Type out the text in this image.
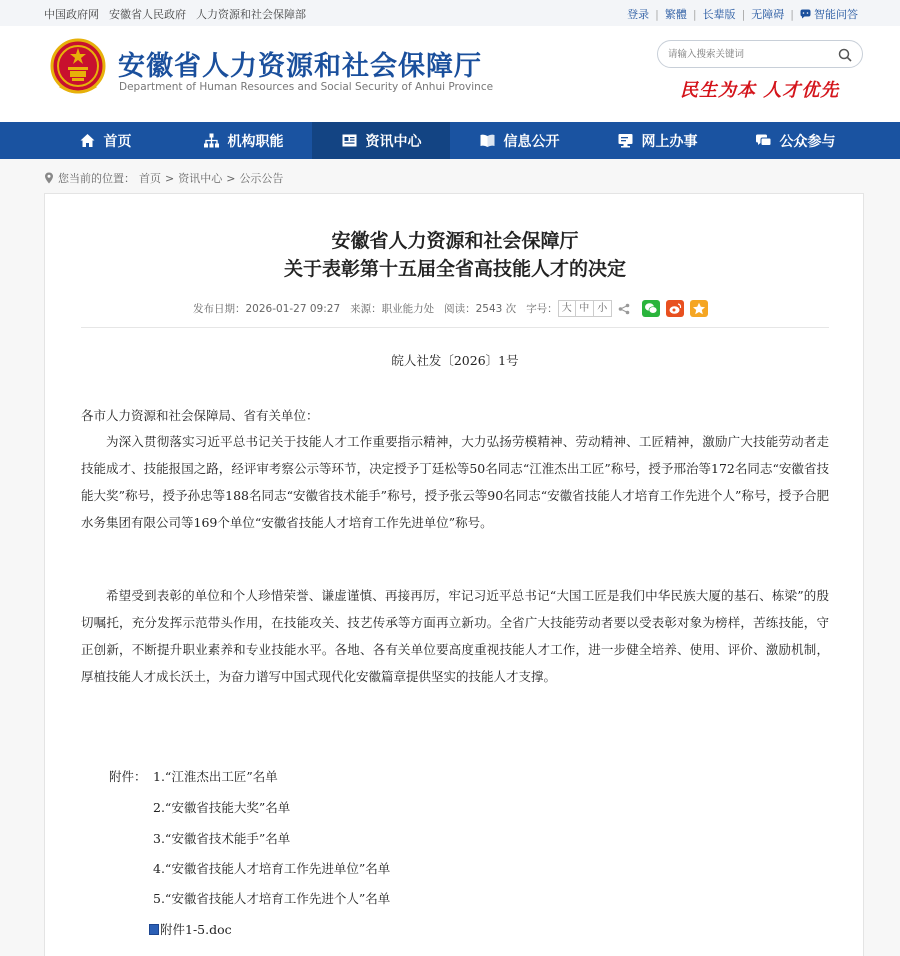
中国政府网 安徽省人民政府 人力资源和社会保障部	登录 | 繁體 | 长辈版 | 无障碍 | 智能问答
安徽省人力资源和社会保障厅
Department of Human Resources and Social Security of Anhui Province
请输入搜索关键词	民生为本 人才优先
首页	机构职能	资讯中心	信息公开	网上办事	公众参与
您当前的位置： 首页 > 资讯中心 > 公示公告
安徽省人力资源和社会保障厅
关于表彰第十五届全省高技能人才的决定
发布日期： 2026-01-27 09:27 来源： 职业能力处 阅读： 2543 次 字号： 大 中 小
皖人社发〔2026〕1号
各市人力资源和社会保障局、省有关单位：
为深入贯彻落实习近平总书记关于技能人才工作重要指示精神，大力弘扬劳模精神、劳动精神、工匠精神，激励广大技能劳动者走技能成才、技能报国之路，经评审考察公示等环节，决定授予丁廷松等50名同志“江淮杰出工匠”称号，授予邢治等172名同志“安徽省技能大奖”称号，授予孙忠等188名同志“安徽省技术能手”称号，授予张云等90名同志“安徽省技能人才培育工作先进个人”称号，授予合肥水务集团有限公司等169个单位“安徽省技能人才培育工作先进单位”称号。
希望受到表彰的单位和个人珍惜荣誉、谦虚谨慎、再接再厉，牢记习近平总书记“大国工匠是我们中华民族大厦的基石、栋梁”的殷切嘱托，充分发挥示范带头作用，在技能攻关、技艺传承等方面再立新功。全省广大技能劳动者要以受表彰对象为榜样，苦练技能，守正创新，不断提升职业素养和专业技能水平。各地、各有关单位要高度重视技能人才工作，进一步健全培养、使用、评价、激励机制，厚植技能人才成长沃土，为奋力谱写中国式现代化安徽篇章提供坚实的技能人才支撑。
附件： 1.“江淮杰出工匠”名单
2.“安徽省技能大奖”名单
3.“安徽省技术能手”名单
4.“安徽省技能人才培育工作先进单位”名单
5.“安徽省技能人才培育工作先进个人”名单
附件1-5.doc
